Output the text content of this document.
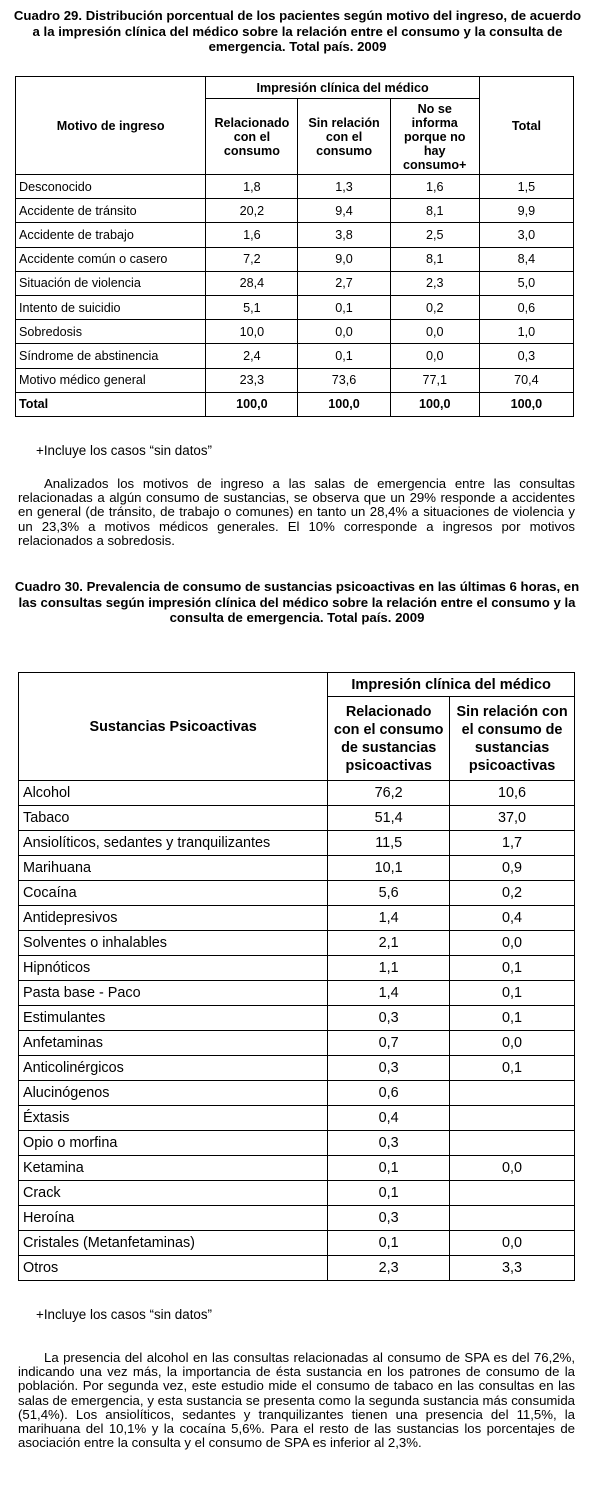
Cuadro 29. Distribución porcentual de los pacientes según motivo del ingreso, de acuerdo a la impresión clínica del médico sobre la relación entre el consumo y la consulta de emergencia. Total país. 2009
Motivo de ingreso	Impresión clínica del médico			Total
	Relacionado con el consumo	Sin relación con el consumo	No se informa porque no hay consumo+	
Desconocido	1,8	1,3	1,6	1,5
Accidente de tránsito	20,2	9,4	8,1	9,9
Accidente de trabajo	1,6	3,8	2,5	3,0
Accidente común o casero	7,2	9,0	8,1	8,4
Situación de violencia	28,4	2,7	2,3	5,0
Intento de suicidio	5,1	0,1	0,2	0,6
Sobredosis	10,0	0,0	0,0	1,0
Síndrome de abstinencia	2,4	0,1	0,0	0,3
Motivo médico general	23,3	73,6	77,1	70,4
Total	100,0	100,0	100,0	100,0
+Incluye los casos “sin datos”
Analizados los motivos de ingreso a las salas de emergencia entre las consultas relacionadas a algún consumo de sustancias, se observa que un 29% responde a accidentes en general (de tránsito, de trabajo o comunes) en tanto un 28,4% a situaciones de violencia y un 23,3% a motivos médicos generales. El 10% corresponde a ingresos por motivos relacionados a sobredosis.
Cuadro 30. Prevalencia de consumo de sustancias psicoactivas en las últimas 6 horas, en las consultas según impresión clínica del médico sobre la relación entre el consumo y la consulta de emergencia. Total país. 2009
Sustancias Psicoactivas	Impresión clínica del médico	
	Relacionado con el consumo de sustancias psicoactivas	Sin relación con el consumo de sustancias psicoactivas
Alcohol	76,2	10,6
Tabaco	51,4	37,0
Ansiolíticos, sedantes y tranquilizantes	11,5	1,7
Marihuana	10,1	0,9
Cocaína	5,6	0,2
Antidepresivos	1,4	0,4
Solventes o inhalables	2,1	0,0
Hipnóticos	1,1	0,1
Pasta base - Paco	1,4	0,1
Estimulantes	0,3	0,1
Anfetaminas	0,7	0,0
Anticolinérgicos	0,3	0,1
Alucinógenos	0,6	
Éxtasis	0,4	
Opio o morfina	0,3	
Ketamina	0,1	0,0
Crack	0,1	
Heroína	0,3	
Cristales (Metanfetaminas)	0,1	0,0
Otros	2,3	3,3
+Incluye los casos “sin datos”
La presencia del alcohol en las consultas relacionadas al consumo de SPA es del 76,2%, indicando una vez más, la importancia de ésta sustancia en los patrones de consumo de la población. Por segunda vez, este estudio mide el consumo de tabaco en las consultas en las salas de emergencia, y esta sustancia se presenta como la segunda sustancia más consumida (51,4%). Los ansiolíticos, sedantes y tranquilizantes tienen una presencia del 11,5%, la marihuana del 10,1% y la cocaína 5,6%. Para el resto de las sustancias los porcentajes de asociación entre la consulta y el consumo de SPA es inferior al 2,3%.
